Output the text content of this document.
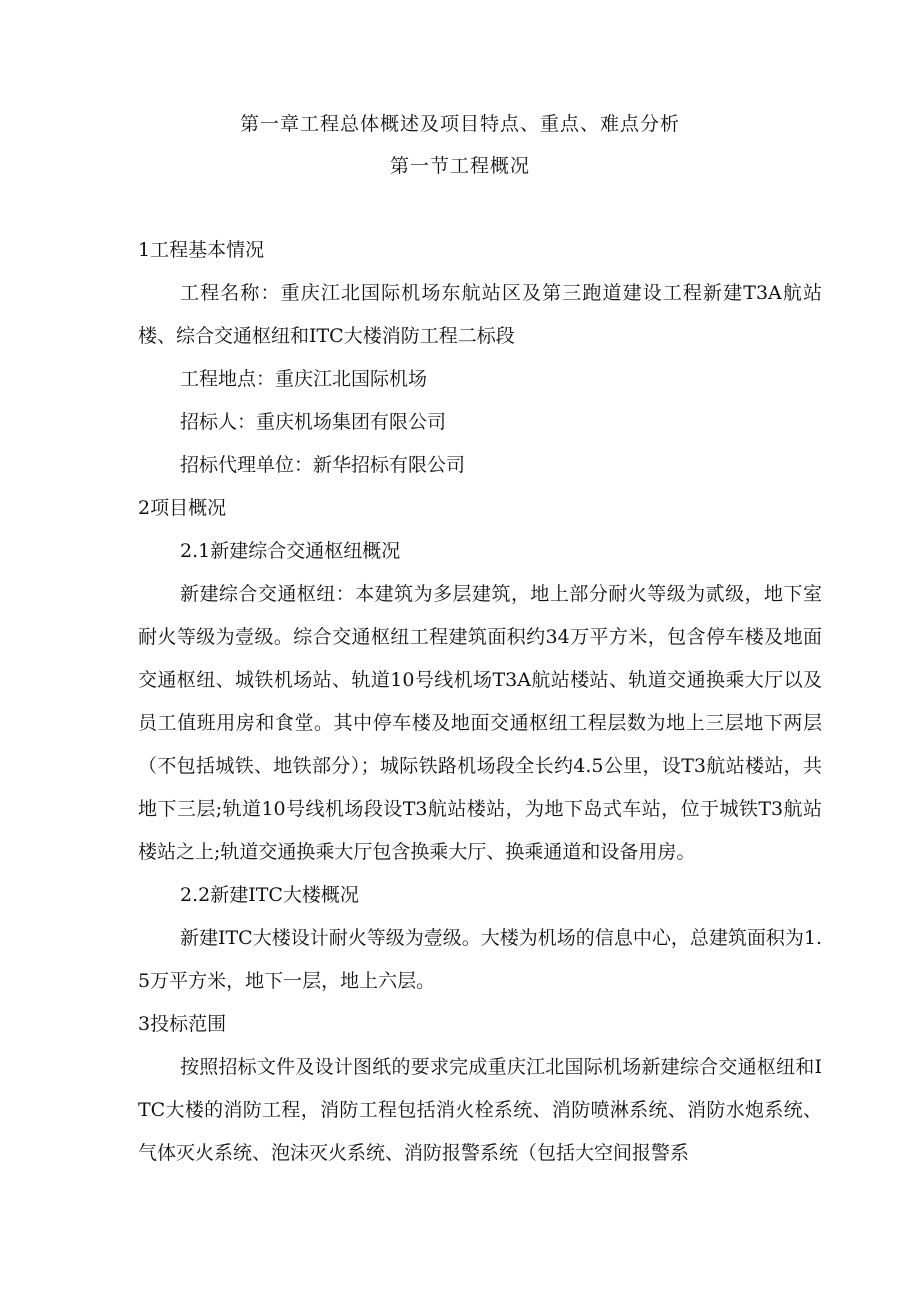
第一章工程总体概述及项目特点、重点、难点分析
第一节工程概况

1工程基本情况

工程名称：重庆江北国际机场东航站区及第三跑道建设工程新建T3A航站楼、综合交通枢纽和ITC大楼消防工程二标段

工程地点：重庆江北国际机场

招标人：重庆机场集团有限公司

招标代理单位：新华招标有限公司

2项目概况

2.1新建综合交通枢纽概况

新建综合交通枢纽：本建筑为多层建筑，地上部分耐火等级为贰级，地下室耐火等级为壹级。综合交通枢纽工程建筑面积约34万平方米，包含停车楼及地面交通枢纽、城铁机场站、轨道10号线机场T3A航站楼站、轨道交通换乘大厅以及员工值班用房和食堂。其中停车楼及地面交通枢纽工程层数为地上三层地下两层（不包括城铁、地铁部分）；城际铁路机场段全长约4.5公里，设T3航站楼站，共地下三层;轨道10号线机场段设T3航站楼站，为地下岛式车站，位于城铁T3航站楼站之上;轨道交通换乘大厅包含换乘大厅、换乘通道和设备用房。

2.2新建ITC大楼概况

新建ITC大楼设计耐火等级为壹级。大楼为机场的信息中心，总建筑面积为1.5万平方米，地下一层，地上六层。

3投标范围

按照招标文件及设计图纸的要求完成重庆江北国际机场新建综合交通枢纽和ITC大楼的消防工程，消防工程包括消火栓系统、消防喷淋系统、消防水炮系统、气体灭火系统、泡沫灭火系统、消防报警系统（包括大空间报警系
